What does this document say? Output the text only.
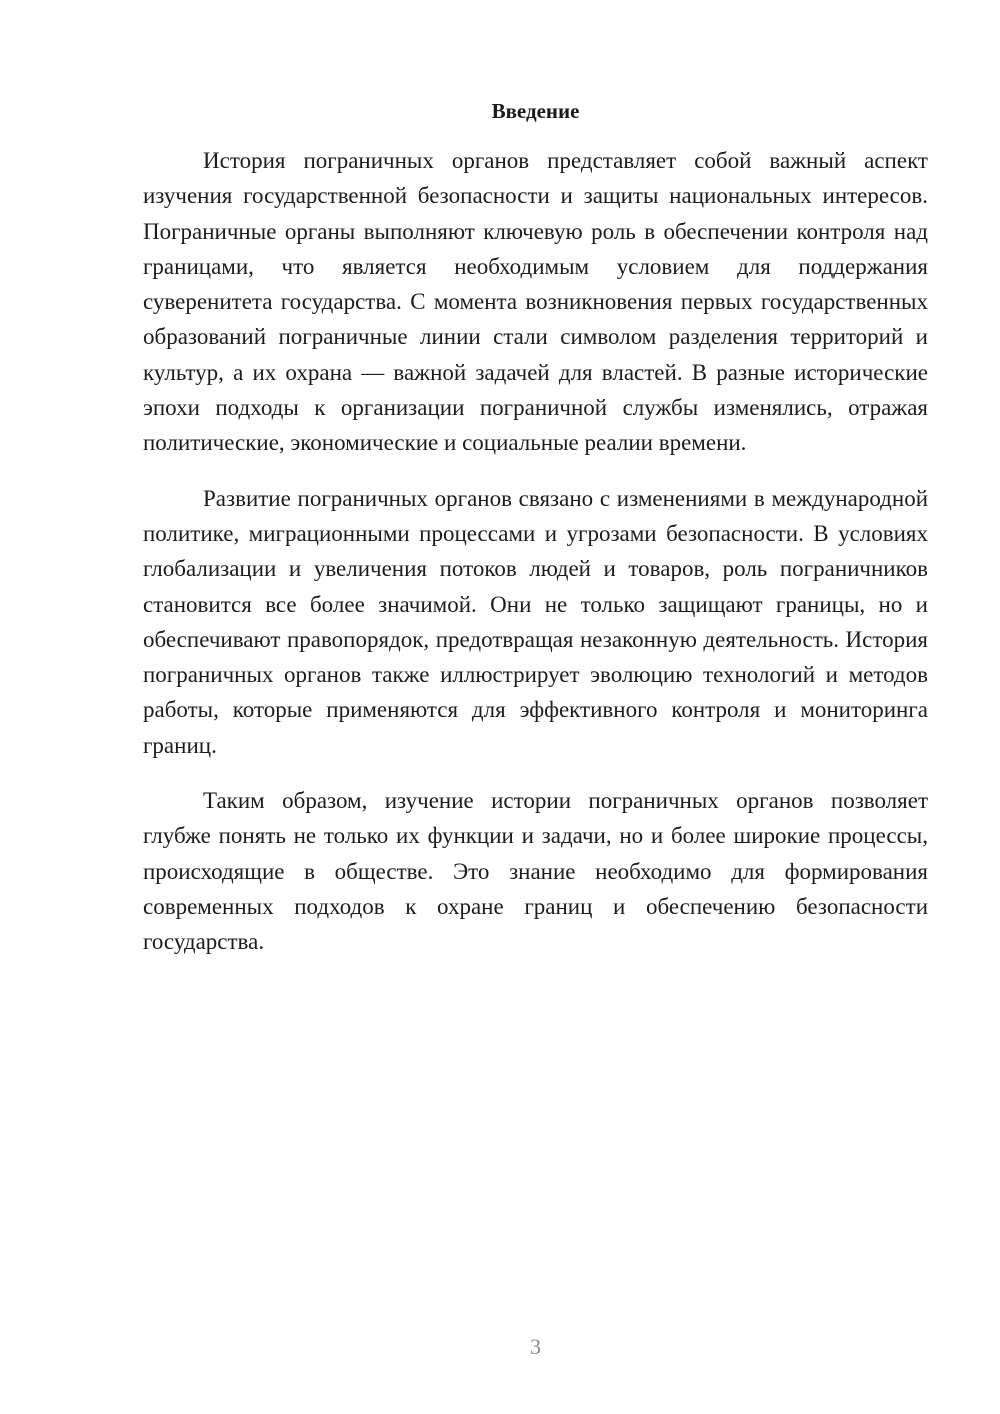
Введение

История пограничных органов представляет собой важный аспект изучения государственной безопасности и защиты национальных интересов. Пограничные органы выполняют ключевую роль в обеспечении контроля над границами, что является необходимым условием для поддержания суверенитета государства. С момента возникновения первых государственных образований пограничные линии стали символом разделения территорий и культур, а их охрана — важной задачей для властей. В разные исторические эпохи подходы к организации пограничной службы изменялись, отражая политические, экономические и социальные реалии времени.

Развитие пограничных органов связано с изменениями в международной политике, миграционными процессами и угрозами безопасности. В условиях глобализации и увеличения потоков людей и товаров, роль пограничников становится все более значимой. Они не только защищают границы, но и обеспечивают правопорядок, предотвращая незаконную деятельность. История пограничных органов также иллюстрирует эволюцию технологий и методов работы, которые применяются для эффективного контроля и мониторинга границ.

Таким образом, изучение истории пограничных органов позволяет глубже понять не только их функции и задачи, но и более широкие процессы, происходящие в обществе. Это знание необходимо для формирования современных подходов к охране границ и обеспечению безопасности государства.

3
